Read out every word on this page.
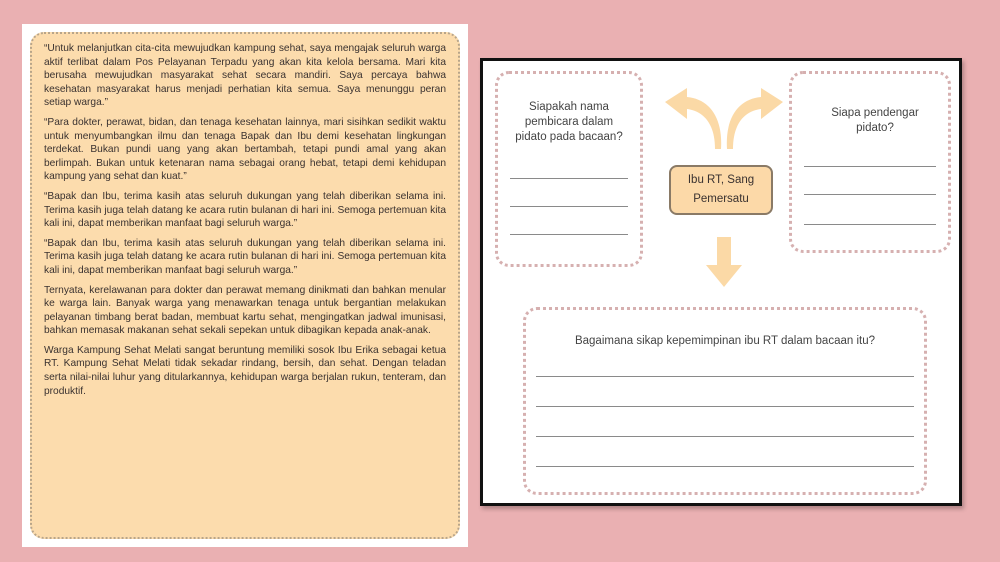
“Untuk melanjutkan cita-cita mewujudkan kampung sehat, saya mengajak seluruh warga aktif terlibat dalam Pos Pelayanan Terpadu yang akan kita kelola bersama. Mari kita berusaha mewujudkan masyarakat sehat secara mandiri. Saya percaya bahwa kesehatan masyarakat harus menjadi perhatian kita semua. Saya menunggu peran setiap warga.”

“Para dokter, perawat, bidan, dan tenaga kesehatan lainnya, mari sisihkan sedikit waktu untuk menyumbangkan ilmu dan tenaga Bapak dan Ibu demi kesehatan lingkungan terdekat. Bukan pundi uang yang akan bertambah, tetapi pundi amal yang akan berlimpah. Bukan untuk ketenaran nama sebagai orang hebat, tetapi demi kehidupan kampung yang sehat dan kuat.”

“Bapak dan Ibu, terima kasih atas seluruh dukungan yang telah diberikan selama ini. Terima kasih juga telah datang ke acara rutin bulanan di hari ini. Semoga pertemuan kita kali ini, dapat memberikan manfaat bagi seluruh warga.”

“Bapak dan Ibu, terima kasih atas seluruh dukungan yang telah diberikan selama ini. Terima kasih juga telah datang ke acara rutin bulanan di hari ini. Semoga pertemuan kita kali ini, dapat memberikan manfaat bagi seluruh warga.”

Ternyata, kerelawanan para dokter dan perawat memang dinikmati dan bahkan menular ke warga lain. Banyak warga yang menawarkan tenaga untuk bergantian melakukan pelayanan timbang berat badan, membuat kartu sehat, mengingatkan jadwal imunisasi, bahkan memasak makanan sehat sekali sepekan untuk dibagikan kepada anak-anak.

Warga Kampung Sehat Melati sangat beruntung memiliki sosok Ibu Erika sebagai ketua RT. Kampung Sehat Melati tidak sekadar rindang, bersih, dan sehat. Dengan teladan serta nilai-nilai luhur yang ditularkannya, kehidupan warga berjalan rukun, tenteram, dan produktif.

Siapakah nama pembicara dalam pidato pada bacaan?
Siapa pendengar pidato?
Ibu RT, Sang Pemersatu
Bagaimana sikap kepemimpinan ibu RT dalam bacaan itu?
